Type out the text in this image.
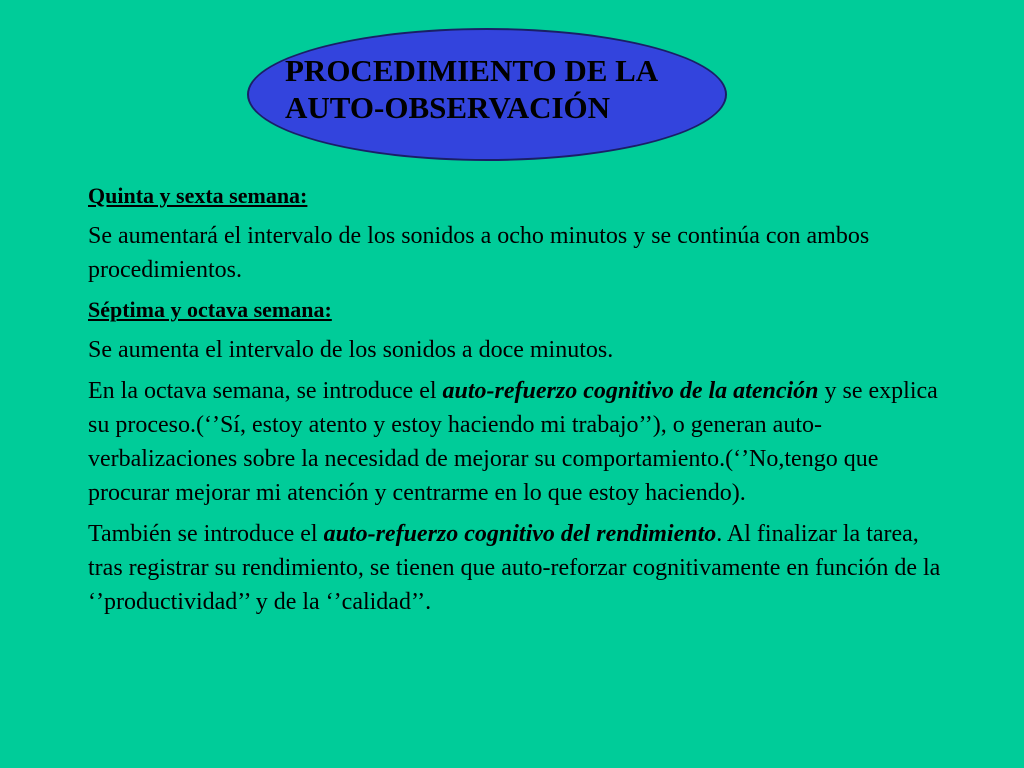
PROCEDIMIENTO DE LA
AUTO-OBSERVACIÓN
Quinta y sexta semana:
Se aumentará el intervalo de los sonidos a ocho minutos y se continúa con ambos procedimientos.
Séptima y octava semana:
Se aumenta el intervalo de los sonidos a doce minutos.
En la octava semana, se introduce el auto-refuerzo cognitivo de la atención y se explica su proceso.(‘’Sí, estoy atento y estoy haciendo mi trabajo’’), o generan auto-verbalizaciones sobre la necesidad de mejorar su comportamiento.(‘’No,tengo que procurar mejorar mi atención y centrarme en lo que estoy haciendo).
También se introduce el auto-refuerzo cognitivo del rendimiento. Al finalizar la tarea, tras registrar su rendimiento, se tienen que auto-reforzar cognitivamente en función de la ‘’productividad’’ y de la ‘’calidad’’.
